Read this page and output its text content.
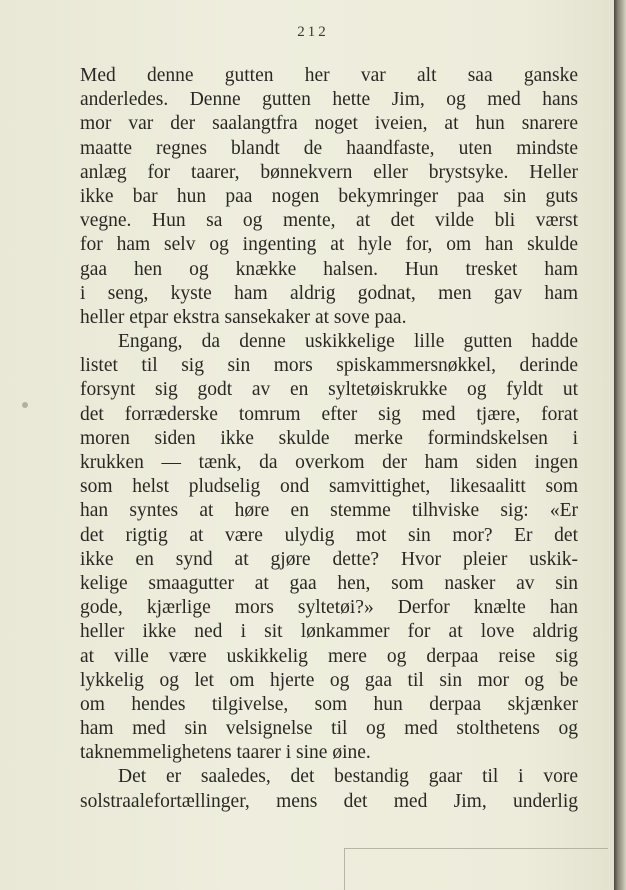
212
Med denne gutten her var alt saa ganske
anderledes. Denne gutten hette Jim, og med hans
mor var der saalangtfra noget iveien, at hun snarere
maatte regnes blandt de haandfaste, uten mindste
anlæg for taarer, bønnekvern eller brystsyke. Heller
ikke bar hun paa nogen bekymringer paa sin guts
vegne. Hun sa og mente, at det vilde bli værst
for ham selv og ingenting at hyle for, om han skulde
gaa hen og knække halsen. Hun tresket ham
i seng, kyste ham aldrig godnat, men gav ham
heller etpar ekstra sansekaker at sove paa.
Engang, da denne uskikkelige lille gutten hadde
listet til sig sin mors spiskammersnøkkel, derinde
forsynt sig godt av en syltetøiskrukke og fyldt ut
det forræderske tomrum efter sig med tjære, forat
moren siden ikke skulde merke formindskelsen i
krukken — tænk, da overkom der ham siden ingen
som helst pludselig ond samvittighet, likesaalitt som
han syntes at høre en stemme tilhviske sig: «Er
det rigtig at være ulydig mot sin mor? Er det
ikke en synd at gjøre dette? Hvor pleier uskik-
kelige smaagutter at gaa hen, som nasker av sin
gode, kjærlige mors syltetøi?» Derfor knælte han
heller ikke ned i sit lønkammer for at love aldrig
at ville være uskikkelig mere og derpaa reise sig
lykkelig og let om hjerte og gaa til sin mor og be
om hendes tilgivelse, som hun derpaa skjænker
ham med sin velsignelse til og med stolthetens og
taknemmelighetens taarer i sine øine.
Det er saaledes, det bestandig gaar til i vore
solstraalefortællinger, mens det med Jim, underlig
